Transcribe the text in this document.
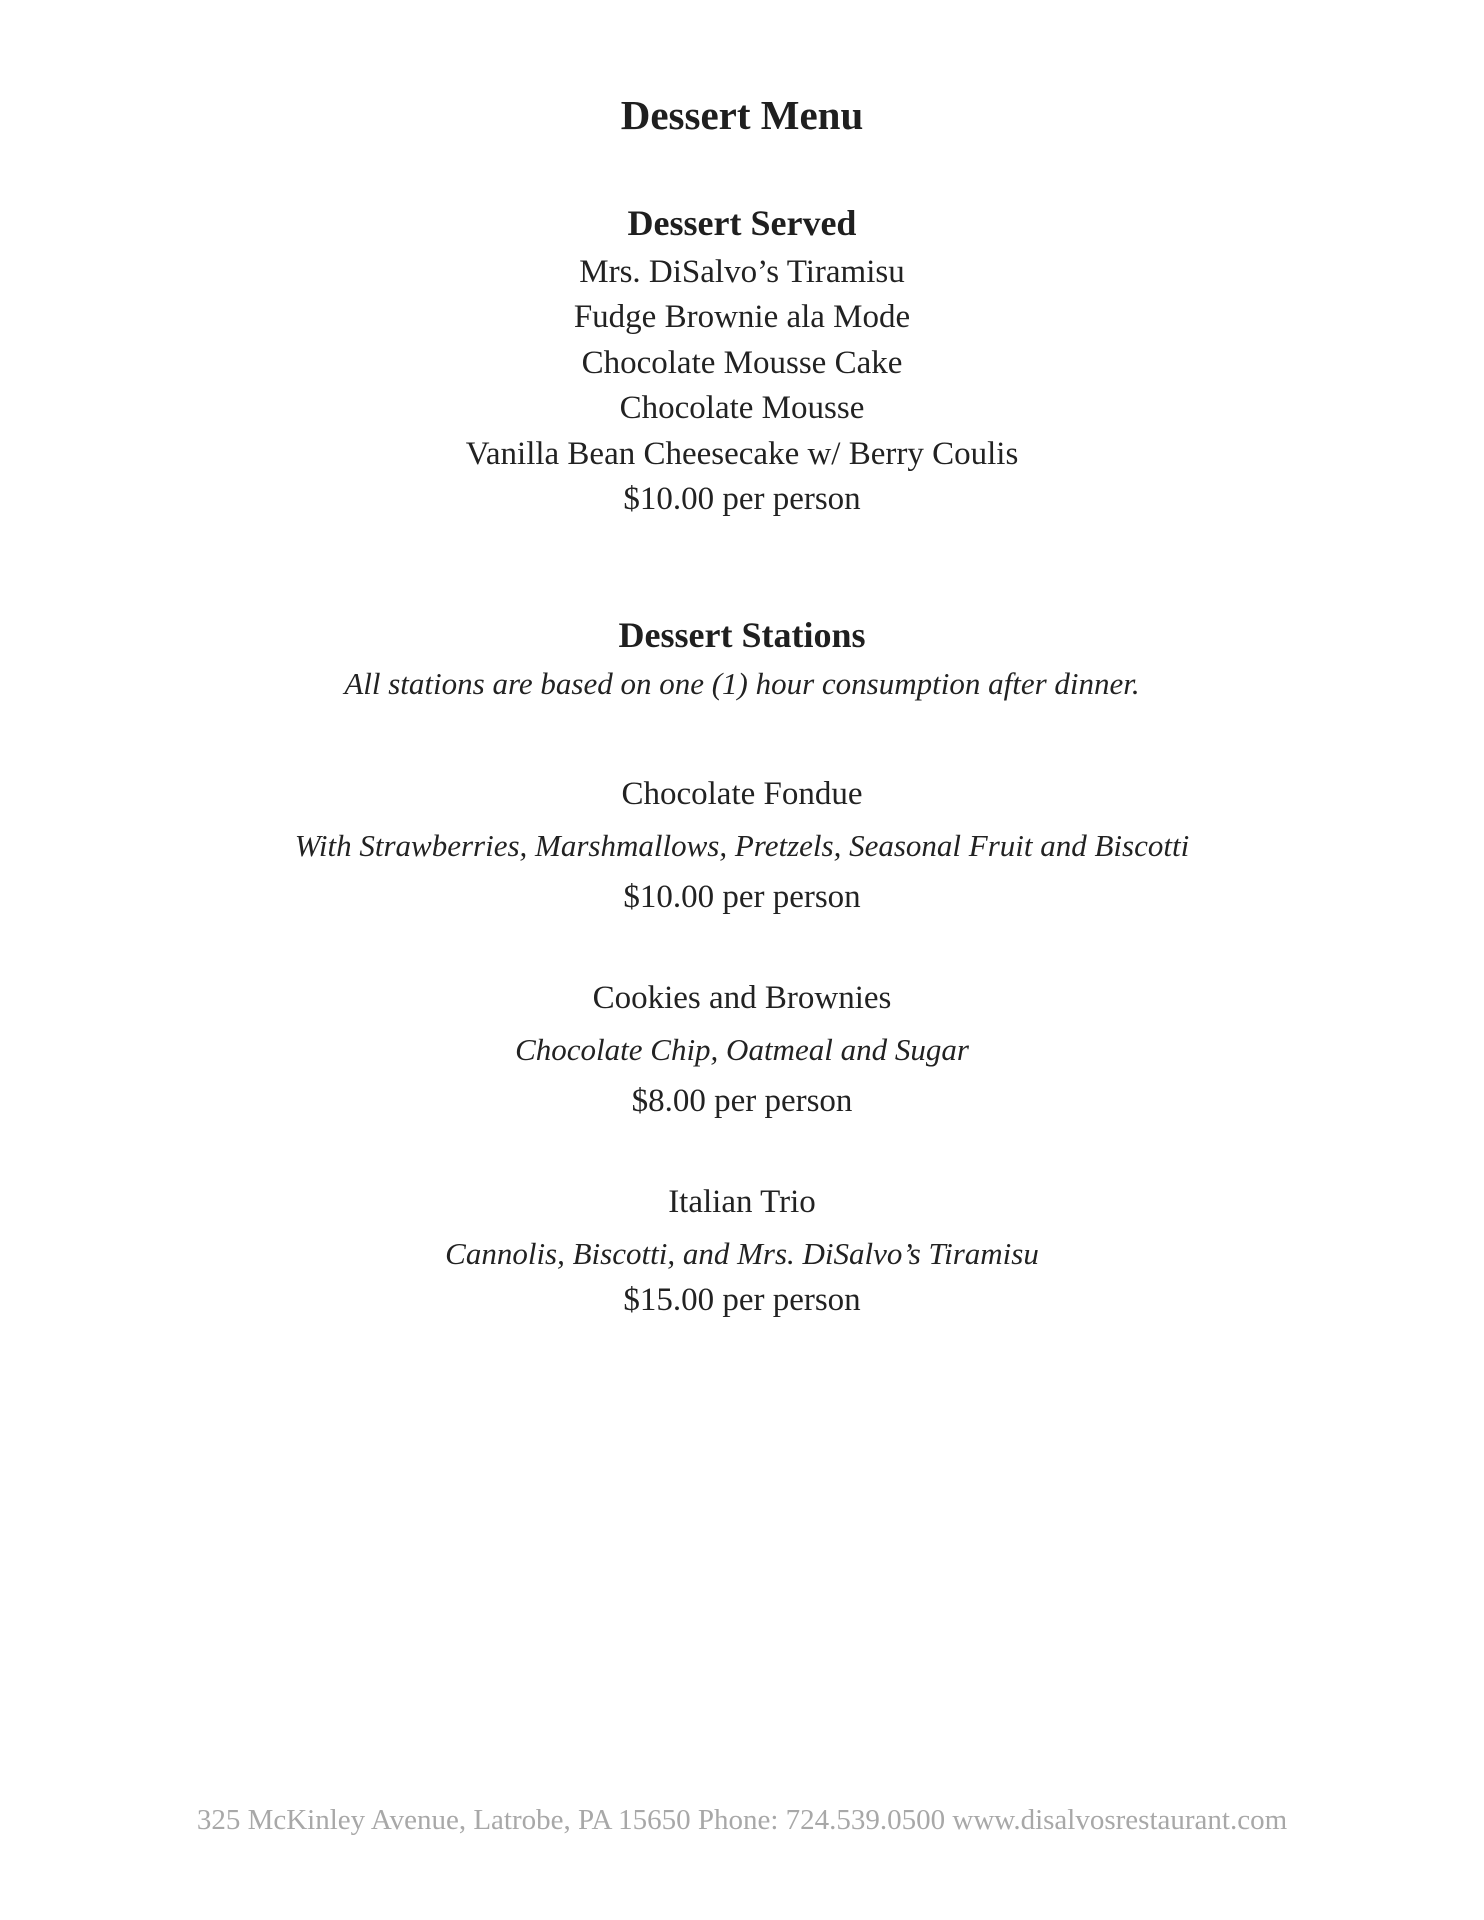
Dessert Menu
Dessert Served
Mrs. DiSalvo’s Tiramisu
Fudge Brownie ala Mode
Chocolate Mousse Cake
Chocolate Mousse
Vanilla Bean Cheesecake w/ Berry Coulis
$10.00 per person
Dessert Stations
All stations are based on one (1) hour consumption after dinner.
Chocolate Fondue
With Strawberries, Marshmallows, Pretzels, Seasonal Fruit and Biscotti
$10.00 per person
Cookies and Brownies
Chocolate Chip, Oatmeal and Sugar
$8.00 per person
Italian Trio
Cannolis, Biscotti, and Mrs. DiSalvo’s Tiramisu
$15.00 per person
325 McKinley Avenue, Latrobe, PA 15650 Phone: 724.539.0500 www.disalvosrestaurant.com
